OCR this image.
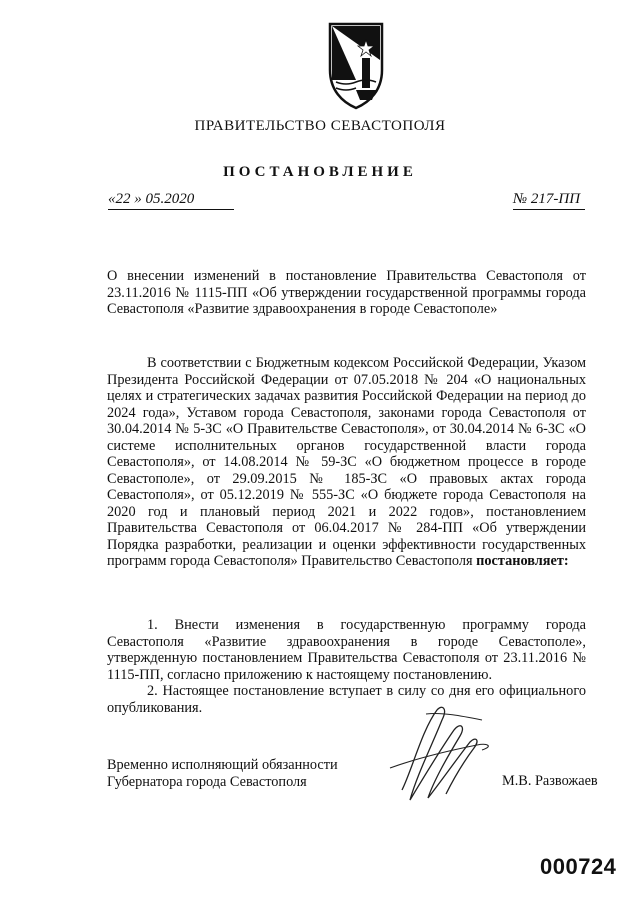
ПРАВИТЕЛЬСТВО СЕВАСТОПОЛЯ
ПОСТАНОВЛЕНИЕ
«22 » 05.2020	№ 217-ПП
О внесении изменений в постановление Правительства Севастополя от 23.11.2016 № 1115-ПП «Об утверждении государственной программы города Севастополя «Развитие здравоохранения в городе Севастополе»
В соответствии с Бюджетным кодексом Российской Федерации, Указом Президента Российской Федерации от 07.05.2018 № 204 «О национальных целях и стратегических задачах развития Российской Федерации на период до 2024 года», Уставом города Севастополя, законами города Севастополя от 30.04.2014 № 5-ЗС «О Правительстве Севастополя», от 30.04.2014 № 6-ЗС «О системе исполнительных органов государственной власти города Севастополя», от 14.08.2014 № 59-ЗС «О бюджетном процессе в городе Севастополе», от 29.09.2015 № 185-ЗС «О правовых актах города Севастополя», от 05.12.2019 № 555-ЗС «О бюджете города Севастополя на 2020 год и плановый период 2021 и 2022 годов», постановлением Правительства Севастополя от 06.04.2017 № 284-ПП «Об утверждении Порядка разработки, реализации и оценки эффективности государственных программ города Севастополя» Правительство Севастополя постановляет:

1. Внести изменения в государственную программу города Севастополя «Развитие здравоохранения в городе Севастополе», утвержденную постановлением Правительства Севастополя от 23.11.2016 № 1115-ПП, согласно приложению к настоящему постановлению.

2. Настоящее постановление вступает в силу со дня его официального опубликования.

Временно исполняющий обязанности
Губернатора города Севастополя	М.В. Развожаев
000724
